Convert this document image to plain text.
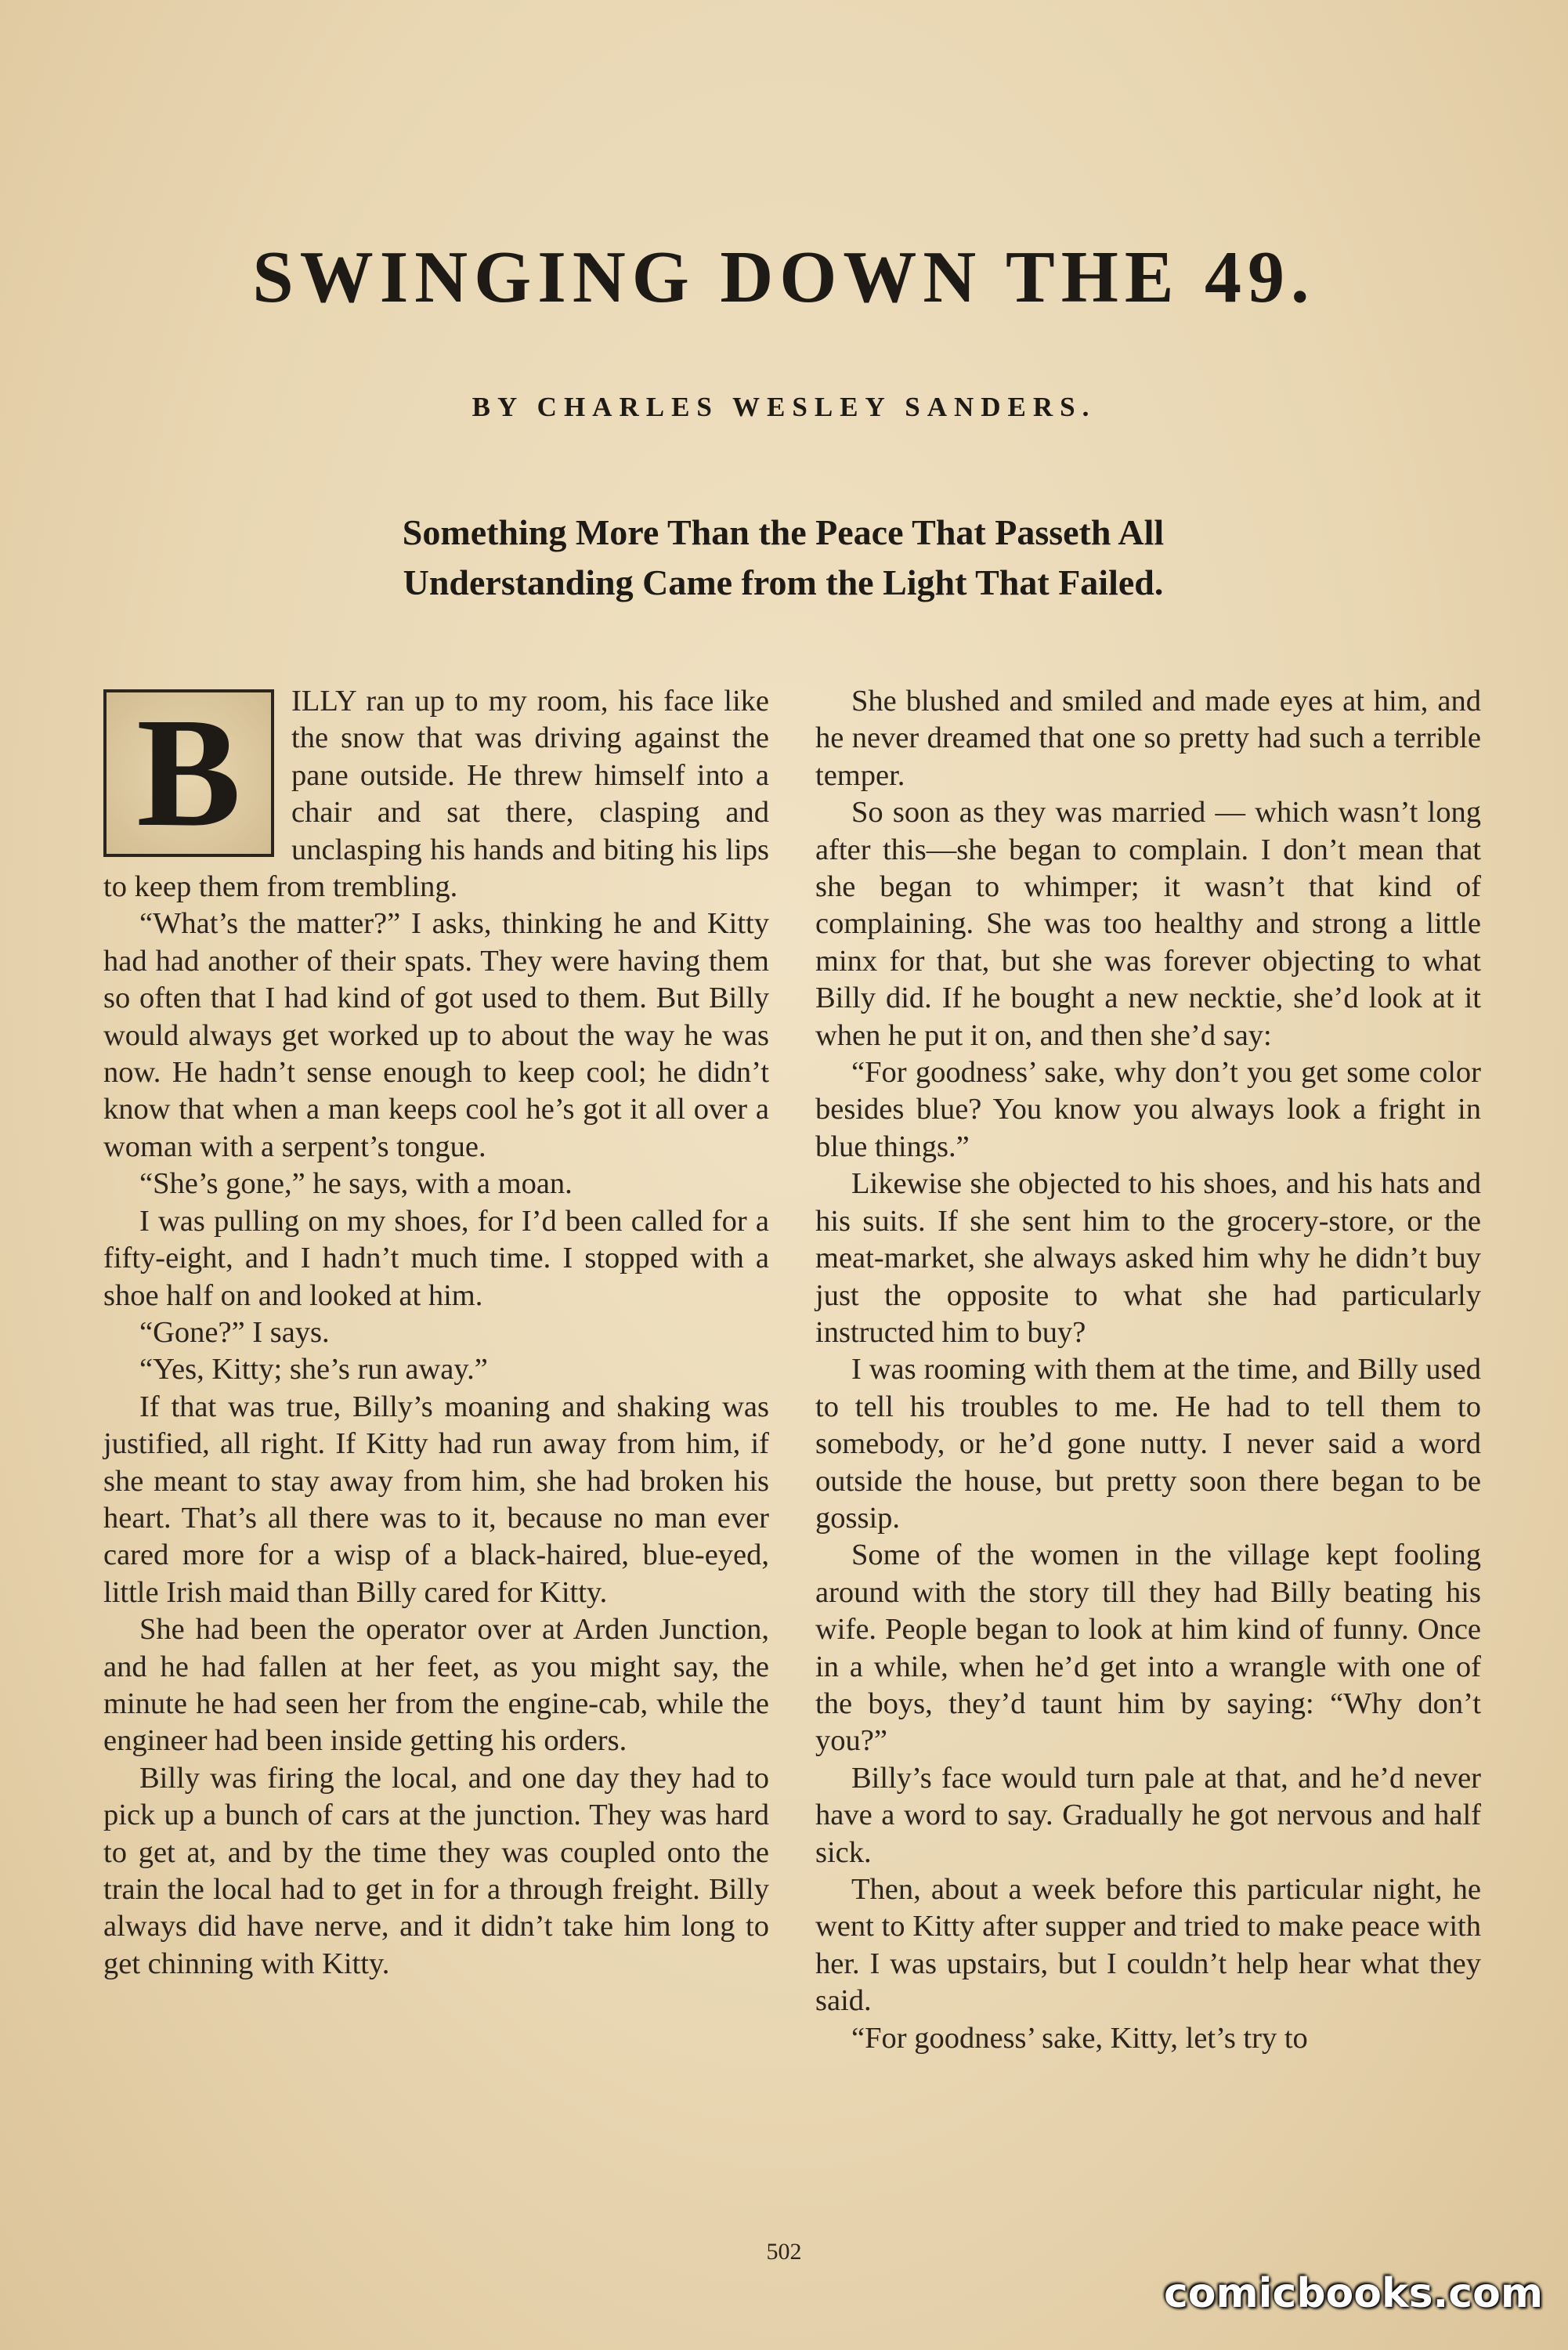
SWINGING DOWN THE 49.
BY CHARLES WESLEY SANDERS.
Something More Than the Peace That Passeth All
Understanding Came from the Light That Failed.
B	ILLY ran up to my room, his face like the snow that was driving against the pane outside. He threw himself into a chair and sat there, clasping and unclasping his hands and biting his lips to keep them from trembling.

“What’s the matter?” I asks, thinking he and Kitty had had another of their spats. They were having them so often that I had kind of got used to them. But Billy would always get worked up to about the way he was now. He hadn’t sense enough to keep cool; he didn’t know that when a man keeps cool he’s got it all over a woman with a serpent’s tongue.

“She’s gone,” he says, with a moan.

I was pulling on my shoes, for I’d been called for a fifty-eight, and I hadn’t much time. I stopped with a shoe half on and looked at him.

“Gone?” I says.

“Yes, Kitty; she’s run away.”

If that was true, Billy’s moaning and shaking was justified, all right. If Kitty had run away from him, if she meant to stay away from him, she had broken his heart. That’s all there was to it, because no man ever cared more for a wisp of a black-haired, blue-eyed, little Irish maid than Billy cared for Kitty.

She had been the operator over at Arden Junction, and he had fallen at her feet, as you might say, the minute he had seen her from the engine-cab, while the engineer had been inside getting his orders.

Billy was firing the local, and one day they had to pick up a bunch of cars at the junction. They was hard to get at, and by the time they was coupled onto the train the local had to get in for a through freight. Billy always did have nerve, and it didn’t take him long to get chinning with Kitty.

She blushed and smiled and made eyes at him, and he never dreamed that one so pretty had such a terrible temper.

So soon as they was married — which wasn’t long after this—she began to complain. I don’t mean that she began to whimper; it wasn’t that kind of complaining. She was too healthy and strong a little minx for that, but she was forever objecting to what Billy did. If he bought a new necktie, she’d look at it when he put it on, and then she’d say:

“For goodness’ sake, why don’t you get some color besides blue? You know you always look a fright in blue things.”

Likewise she objected to his shoes, and his hats and his suits. If she sent him to the grocery-store, or the meat-market, she always asked him why he didn’t buy just the opposite to what she had particularly instructed him to buy?

I was rooming with them at the time, and Billy used to tell his troubles to me. He had to tell them to somebody, or he’d gone nutty. I never said a word outside the house, but pretty soon there began to be gossip.

Some of the women in the village kept fooling around with the story till they had Billy beating his wife. People began to look at him kind of funny. Once in a while, when he’d get into a wrangle with one of the boys, they’d taunt him by saying: “Why don’t you?”

Billy’s face would turn pale at that, and he’d never have a word to say. Gradually he got nervous and half sick.

Then, about a week before this particular night, he went to Kitty after supper and tried to make peace with her. I was upstairs, but I couldn’t help hear what they said.

“For goodness’ sake, Kitty, let’s try to

502
comicbooks.com
